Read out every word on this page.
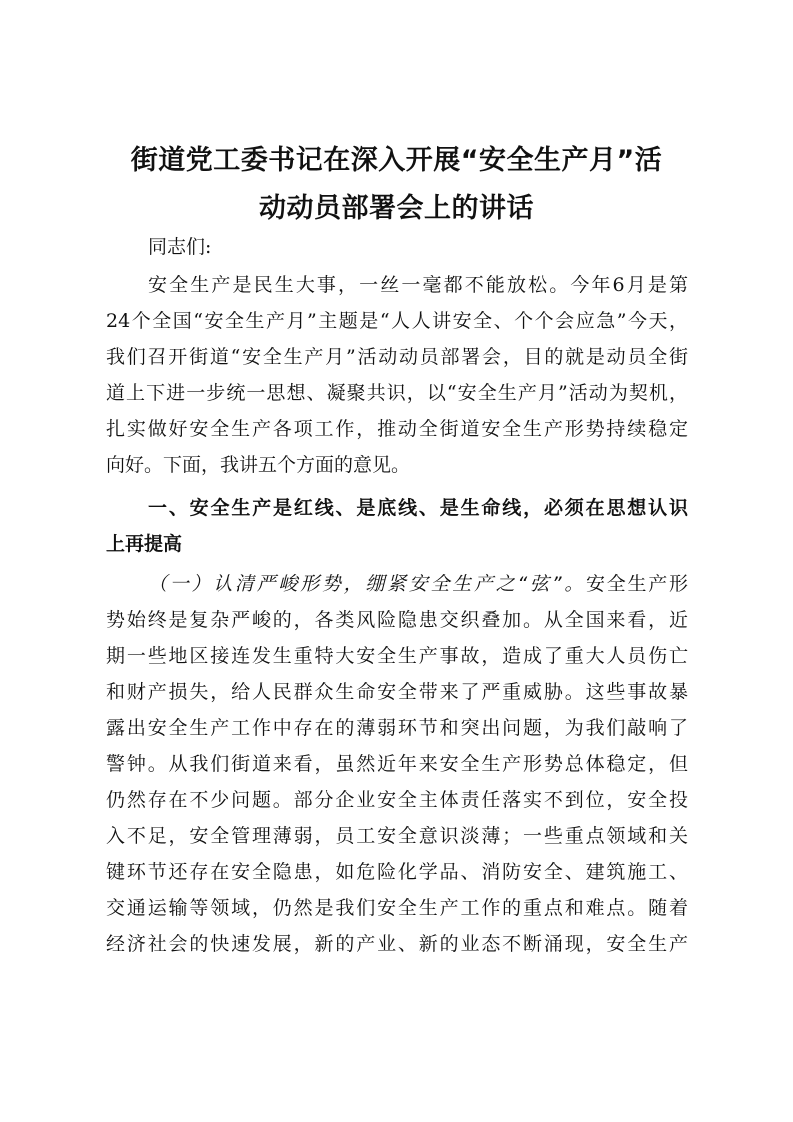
街道党工委书记在深入开展“安全生产月”活
动动员部署会上的讲话
同志们:
安全生产是民生大事，一丝一毫都不能放松。今年6月是第
24个全国“安全生产月”主题是“人人讲安全、个个会应急”今天，
我们召开街道“安全生产月”活动动员部署会，目的就是动员全街
道上下进一步统一思想、凝聚共识，以“安全生产月”活动为契机，
扎实做好安全生产各项工作，推动全街道安全生产形势持续稳定
向好。下面，我讲五个方面的意见。
一、安全生产是红线、是底线、是生命线，必须在思想认识
上再提高
（一）认清严峻形势，绷紧安全生产之“弦”。安全生产形
势始终是复杂严峻的，各类风险隐患交织叠加。从全国来看，近
期一些地区接连发生重特大安全生产事故，造成了重大人员伤亡
和财产损失，给人民群众生命安全带来了严重威胁。这些事故暴
露出安全生产工作中存在的薄弱环节和突出问题，为我们敲响了
警钟。从我们街道来看，虽然近年来安全生产形势总体稳定，但
仍然存在不少问题。部分企业安全主体责任落实不到位，安全投
入不足，安全管理薄弱，员工安全意识淡薄；一些重点领域和关
键环节还存在安全隐患，如危险化学品、消防安全、建筑施工、
交通运输等领域，仍然是我们安全生产工作的重点和难点。随着
经济社会的快速发展，新的产业、新的业态不断涌现，安全生产
